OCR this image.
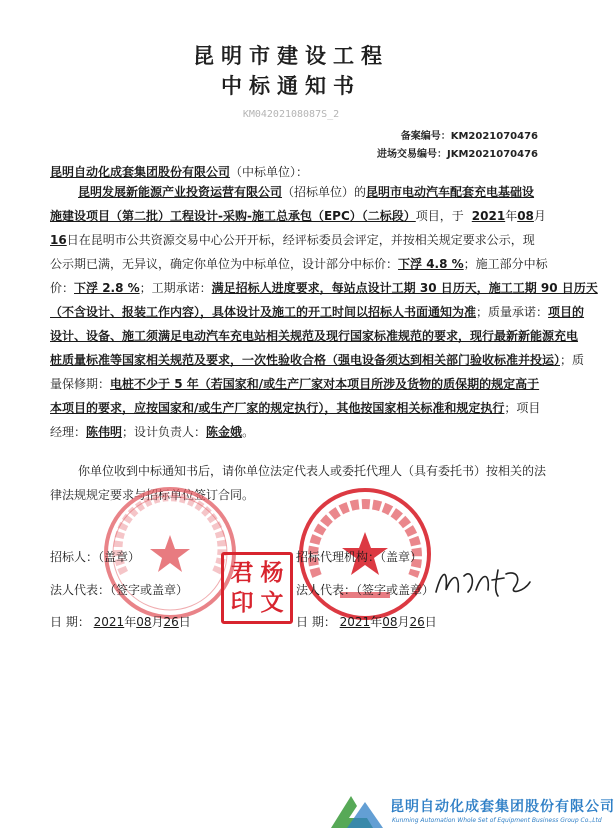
昆明市建设工程
中标通知书
KM04202108087S_2
备案编号：KM2021070476
进场交易编号：JKM2021070476
昆明自动化成套集团股份有限公司（中标单位）：
昆明发展新能源产业投资运营有限公司（招标单位）的昆明市电动汽车配套充电基础设
施建设项目（第二批）工程设计-采购-施工总承包（EPC）（二标段）项目，于 2021年08月
16日在昆明市公共资源交易中心公开开标，经评标委员会评定，并按相关规定要求公示，现
公示期已满，无异议，确定你单位为中标单位，设计部分中标价：下浮 4.8 %；施工部分中标
价：下浮 2.8 %；工期承诺：满足招标人进度要求，每站点设计工期 30 日历天，施工工期 90 日历天
（不含设计、报装工作内容），具体设计及施工的开工时间以招标人书面通知为准；质量承诺：项目的
设计、设备、施工须满足电动汽车充电站相关规范及现行国家标准规范的要求，现行最新新能源充电
桩质量标准等国家相关规范及要求，一次性验收合格（强电设备须达到相关部门验收标准并投运）；质
量保修期：电桩不少于 5 年（若国家和/或生产厂家对本项目所涉及货物的质保期的规定高于
本项目的要求，应按国家和/或生产厂家的规定执行），其他按国家相关标准和规定执行；项目
经理：陈伟明；设计负责人：陈金娥。
你单位收到中标通知书后，请你单位法定代表人或委托代理人（具有委托书）按相关的法
律法规规定要求与招标单位签订合同。
君 杨
印 文
招标人：（盖章）
法人代表：（签字或盖章）
日 期： 2021年08月26日
招标代理机构：（盖章）
法人代表：（签字或盖章）
日 期： 2021年08月26日
昆明自动化成套集团股份有限公司
Kunming Automation Whole Set of Equipment Business Group Co.,Ltd
